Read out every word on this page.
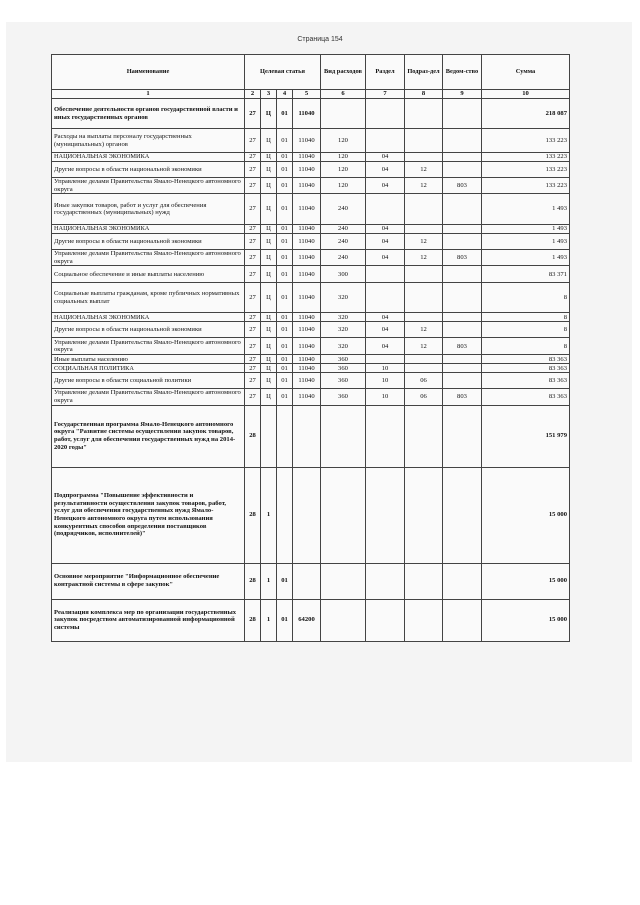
Страница 154
Наименование	Целевая статья				Вид расходов	Раздел	Подраз-дел	Ведом-ство	Сумма
1	2	3	4	5	6	7	8	9	10
Обеспечение деятельности органов государственной власти и иных государственных органов	27	Ц	01	11040					218 087
Расходы на выплаты персоналу государственных (муниципальных) органов	27	Ц	01	11040	120				133 223
НАЦИОНАЛЬНАЯ ЭКОНОМИКА	27	Ц	01	11040	120	04			133 223
Другие вопросы в области национальной экономики	27	Ц	01	11040	120	04	12		133 223
Управление делами Правительства Ямало-Ненецкого автономного округа	27	Ц	01	11040	120	04	12	803	133 223
Иные закупки товаров, работ и услуг для обеспечения государственных (муниципальных) нужд	27	Ц	01	11040	240				1 493
НАЦИОНАЛЬНАЯ ЭКОНОМИКА	27	Ц	01	11040	240	04			1 493
Другие вопросы в области национальной экономики	27	Ц	01	11040	240	04	12		1 493
Управление делами Правительства Ямало-Ненецкого автономного округа	27	Ц	01	11040	240	04	12	803	1 493
Социальное обеспечение и иные выплаты населению	27	Ц	01	11040	300				83 371
Социальные выплаты гражданам, кроме публичных нормативных социальных выплат	27	Ц	01	11040	320				8
НАЦИОНАЛЬНАЯ ЭКОНОМИКА	27	Ц	01	11040	320	04			8
Другие вопросы в области национальной экономики	27	Ц	01	11040	320	04	12		8
Управление делами Правительства Ямало-Ненецкого автономного округа	27	Ц	01	11040	320	04	12	803	8
Иные выплаты населению	27	Ц	01	11040	360				83 363
СОЦИАЛЬНАЯ ПОЛИТИКА	27	Ц	01	11040	360	10			83 363
Другие вопросы в области социальной политики	27	Ц	01	11040	360	10	06		83 363
Управление делами Правительства Ямало-Ненецкого автономного округа	27	Ц	01	11040	360	10	06	803	83 363
Государственная программа Ямало-Ненецкого автономного округа "Развитие системы осуществления закупок товаров, работ, услуг для обеспечения государственных нужд на 2014-2020 годы"	28								151 979
Подпрограмма "Повышение эффективности и результативности осуществления закупок товаров, работ, услуг для обеспечения государственных нужд Ямало-Ненецкого автономного округа путем использования конкурентных способов определения поставщиков (подрядчиков, исполнителей)"	28	1							15 000
Основное мероприятие "Информационное обеспечение контрактной системы в сфере закупок"	28	1	01						15 000
Реализация комплекса мер по организации государственных закупок посредством автоматизированной информационной системы	28	1	01	64200					15 000
